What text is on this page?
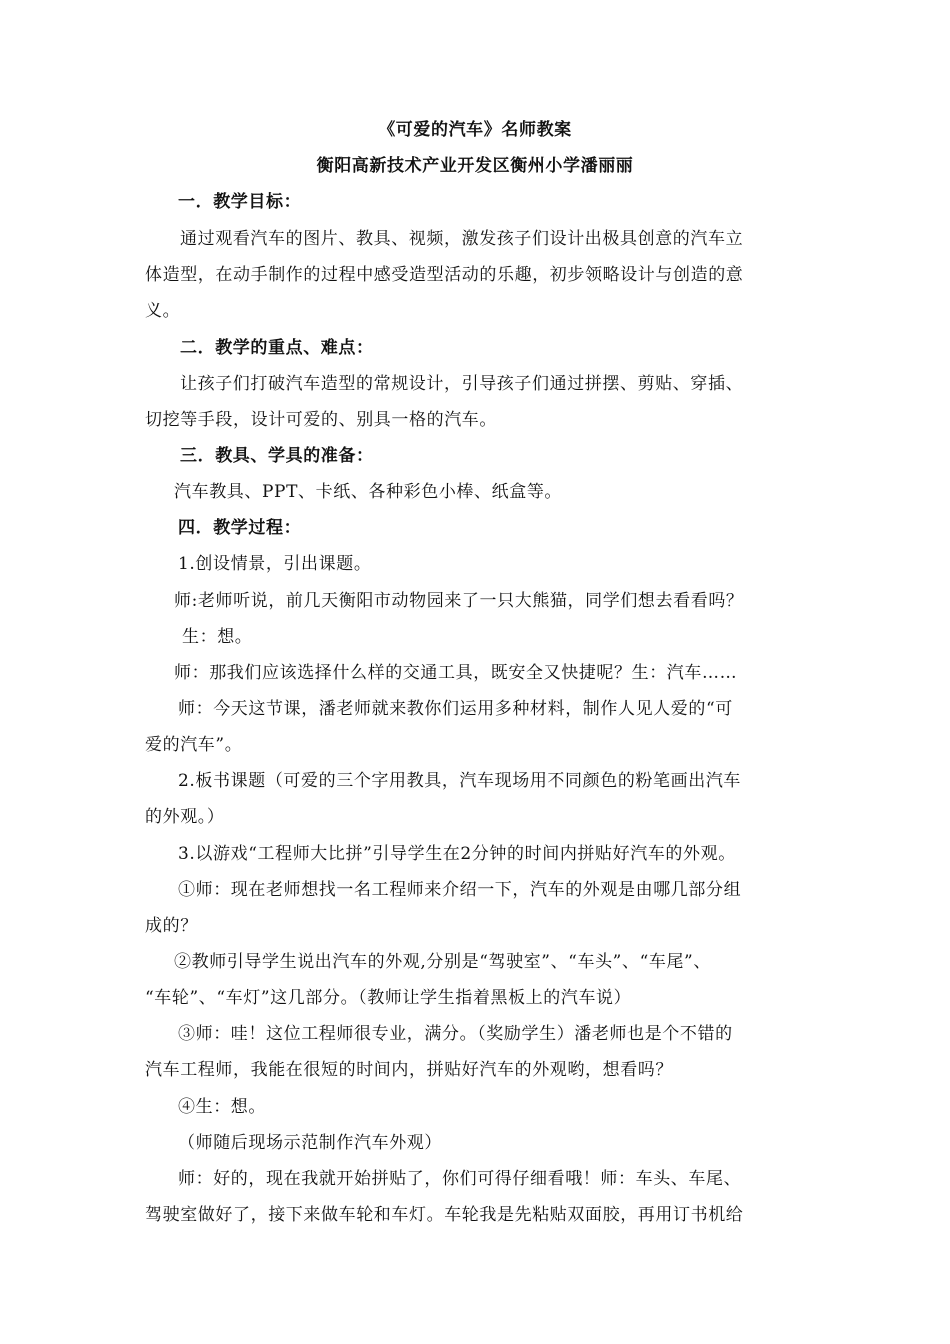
《可爱的汽车》名师教案
衡阳高新技术产业开发区衡州小学潘丽丽
一．教学目标：
通过观看汽车的图片、教具、视频，激发孩子们设计出极具创意的汽车立
体造型，在动手制作的过程中感受造型活动的乐趣，初步领略设计与创造的意
义。
二．教学的重点、难点：
让孩子们打破汽车造型的常规设计，引导孩子们通过拼摆、剪贴、穿插、
切挖等手段，设计可爱的、别具一格的汽车。
三．教具、学具的准备：
汽车教具、PPT、卡纸、各种彩色小棒、纸盒等。
四．教学过程：
1.创设情景，引出课题。
师:老师听说，前几天衡阳市动物园来了一只大熊猫，同学们想去看看吗？
生：想。
师：那我们应该选择什么样的交通工具，既安全又快捷呢？生：汽车……
师：今天这节课，潘老师就来教你们运用多种材料，制作人见人爱的“可
爱的汽车”。
2.板书课题（可爱的三个字用教具，汽车现场用不同颜色的粉笔画出汽车
的外观。）
3.以游戏“工程师大比拼”引导学生在2分钟的时间内拼贴好汽车的外观。
①师：现在老师想找一名工程师来介绍一下，汽车的外观是由哪几部分组
成的？
②教师引导学生说出汽车的外观,分别是“驾驶室”、“车头”、“车尾”、
“车轮”、“车灯”这几部分。（教师让学生指着黑板上的汽车说）
③师：哇！这位工程师很专业，满分。（奖励学生）潘老师也是个不错的
汽车工程师，我能在很短的时间内，拼贴好汽车的外观哟，想看吗？
④生：想。
（师随后现场示范制作汽车外观）
师：好的，现在我就开始拼贴了，你们可得仔细看哦！师：车头、车尾、
驾驶室做好了，接下来做车轮和车灯。车轮我是先粘贴双面胶，再用订书机给
